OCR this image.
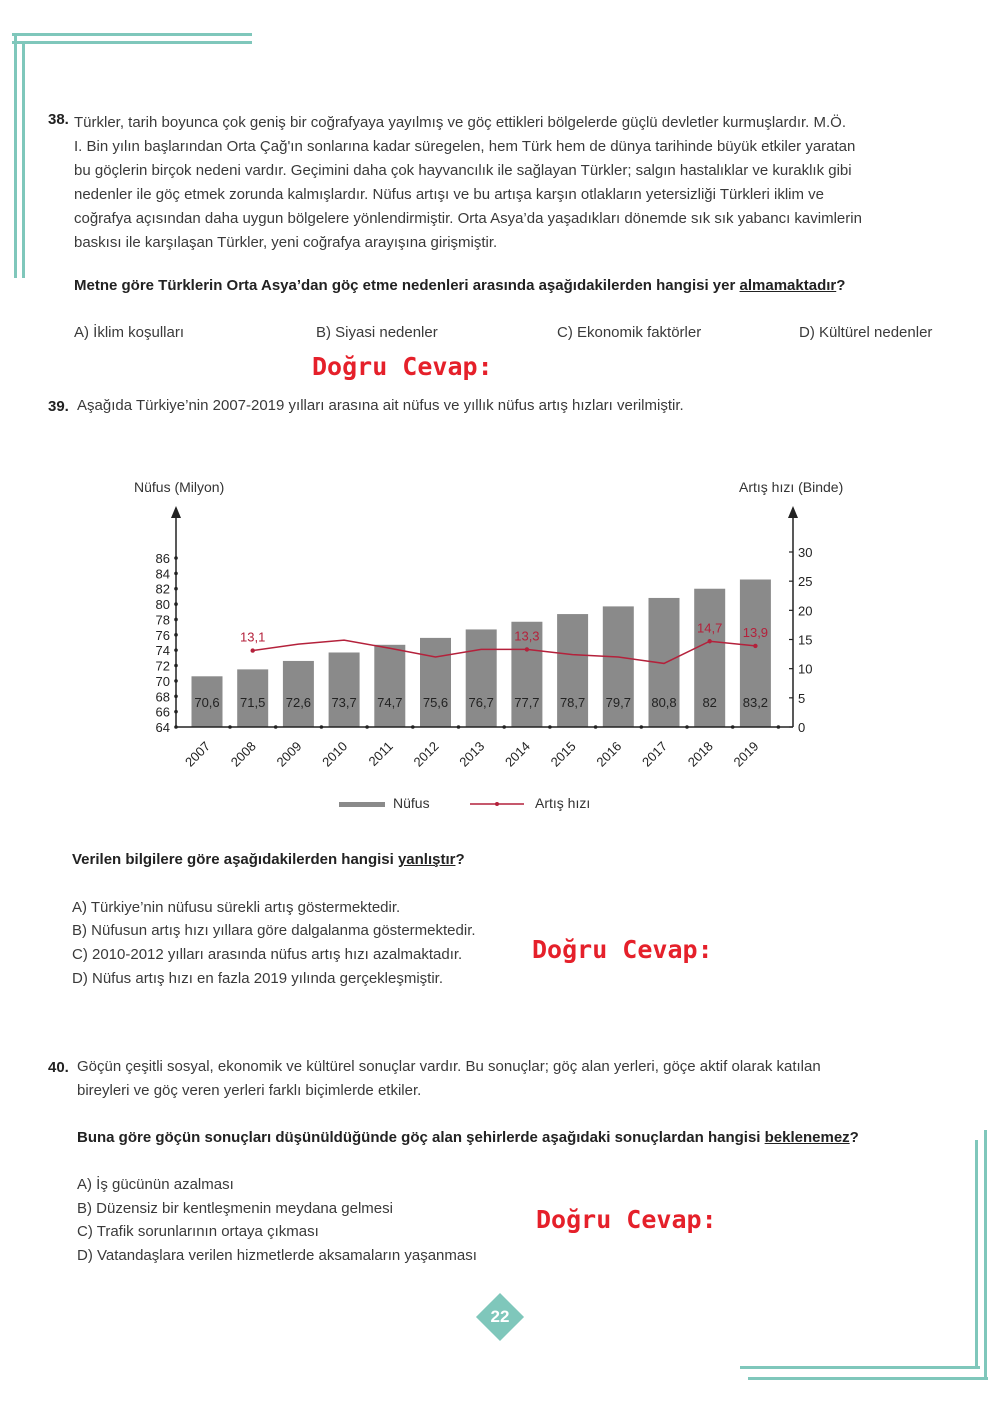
38. Türkler, tarih boyunca çok geniş bir coğrafyaya yayılmış ve göç ettikleri bölgelerde güçlü devletler kurmuşlardır. M.Ö.
I. Bin yılın başlarından Orta Çağ'ın sonlarına kadar süregelen, hem Türk hem de dünya tarihinde büyük etkiler yaratan
bu göçlerin birçok nedeni vardır. Geçimini daha çok hayvancılık ile sağlayan Türkler; salgın hastalıklar ve kuraklık gibi
nedenler ile göç etmek zorunda kalmışlardır. Nüfus artışı ve bu artışa karşın otlakların yetersizliği Türkleri iklim ve
coğrafya açısından daha uygun bölgelere yönlendirmiştir. Orta Asya’da yaşadıkları dönemde sık sık yabancı kavimlerin
baskısı ile karşılaşan Türkler, yeni coğrafya arayışına girişmiştir.
Metne göre Türklerin Orta Asya’dan göç etme nedenleri arasında aşağıdakilerden hangisi yer almamaktadır?
A) İklim koşulları	B) Siyasi nedenler	C) Ekonomik faktörler	D) Kültürel nedenler
Doğru Cevap:
39. Aşağıda Türkiye’nin 2007-2019 yılları arasına ait nüfus ve yıllık nüfus artış hızları verilmiştir.
Nüfus (Milyon)	Artış hızı (Binde)
70,6 71,5 72,6 73,7 74,7 75,6 76,7 77,7 78,7 79,7 80,8 82 83,2
64
66
68
70
72
74
76
78
80
82
84
86
0
5
10
15
20
25
30
2007 2008 2009 2010 2011 2012 2013 2014 2015 2016 2017 2018 2019
13,1	13,3
14,7 13,9
Nüfus	Artış hızı
Verilen bilgilere göre aşağıdakilerden hangisi yanlıştır?
A) Türkiye’nin nüfusu sürekli artış göstermektedir.
B) Nüfusun artış hızı yıllara göre dalgalanma göstermektedir.
C) 2010-2012 yılları arasında nüfus artış hızı azalmaktadır.
D) Nüfus artış hızı en fazla 2019 yılında gerçekleşmiştir.
Doğru Cevap:
40. Göçün çeşitli sosyal, ekonomik ve kültürel sonuçlar vardır. Bu sonuçlar; göç alan yerleri, göçe aktif olarak katılan
bireyleri ve göç veren yerleri farklı biçimlerde etkiler.
Buna göre göçün sonuçları düşünüldüğünde göç alan şehirlerde aşağıdaki sonuçlardan hangisi beklenemez?
A) İş gücünün azalması
B) Düzensiz bir kentleşmenin meydana gelmesi
C) Trafik sorunlarının ortaya çıkması
D) Vatandaşlara verilen hizmetlerde aksamaların yaşanması
Doğru Cevap:
22
